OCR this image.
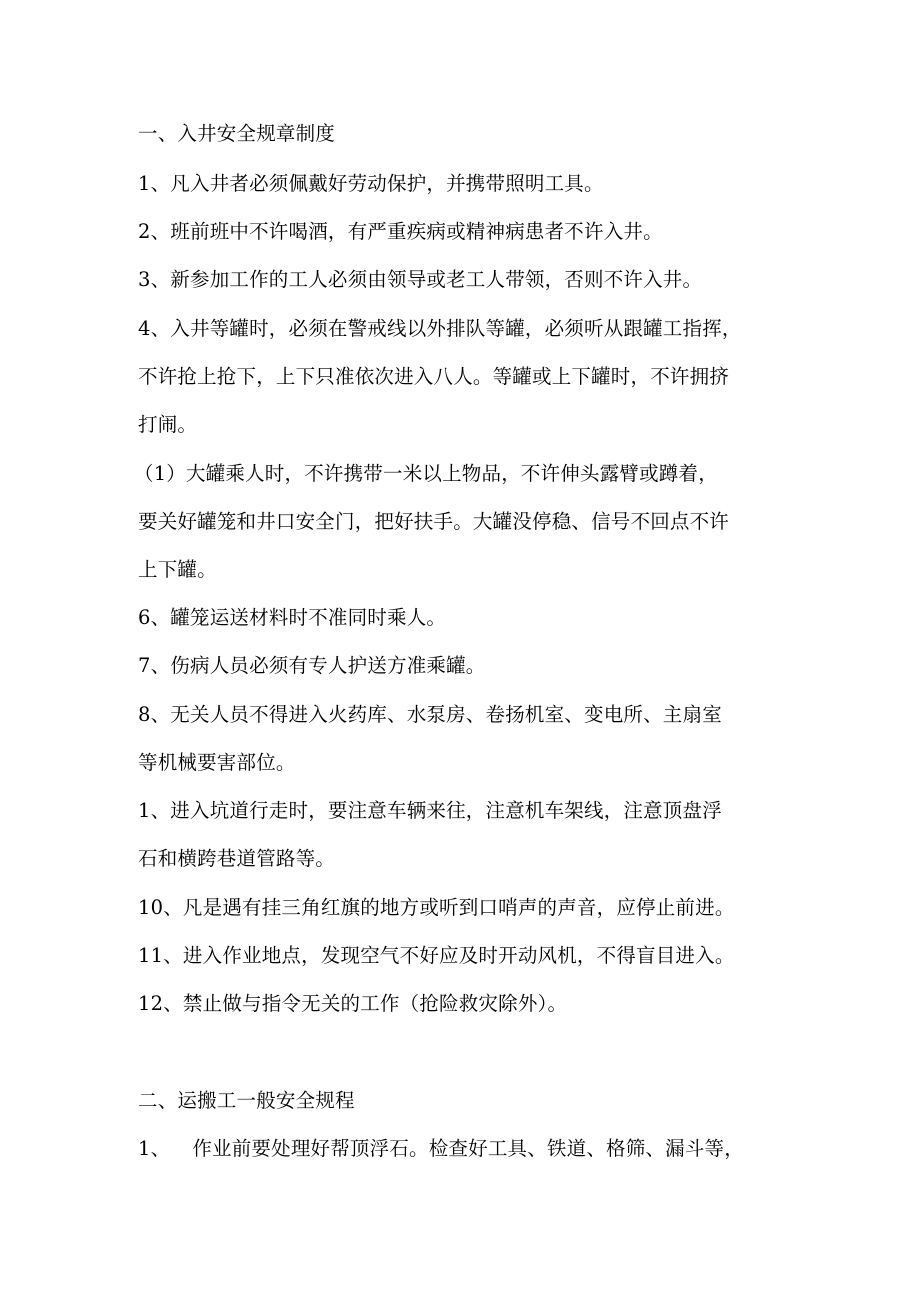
一、入井安全规章制度
1、凡入井者必须佩戴好劳动保护，并携带照明工具。
2、班前班中不许喝酒，有严重疾病或精神病患者不许入井。
3、新参加工作的工人必须由领导或老工人带领，否则不许入井。
4、入井等罐时，必须在警戒线以外排队等罐，必须听从跟罐工指挥，
不许抢上抢下，上下只准依次进入八人。等罐或上下罐时，不许拥挤
打闹。
（1）大罐乘人时，不许携带一米以上物品，不许伸头露臂或蹲着，
要关好罐笼和井口安全门，把好扶手。大罐没停稳、信号不回点不许
上下罐。
6、罐笼运送材料时不准同时乘人。
7、伤病人员必须有专人护送方准乘罐。
8、无关人员不得进入火药库、水泵房、卷扬机室、变电所、主扇室
等机械要害部位。
1、进入坑道行走时，要注意车辆来往，注意机车架线，注意顶盘浮
石和横跨巷道管路等。
10、凡是遇有挂三角红旗的地方或听到口哨声的声音，应停止前进。
11、进入作业地点，发现空气不好应及时开动风机，不得盲目进入。
12、禁止做与指令无关的工作（抢险救灾除外）。
二、运搬工一般安全规程
1、 作业前要处理好帮顶浮石。检查好工具、铁道、格筛、漏斗等，
